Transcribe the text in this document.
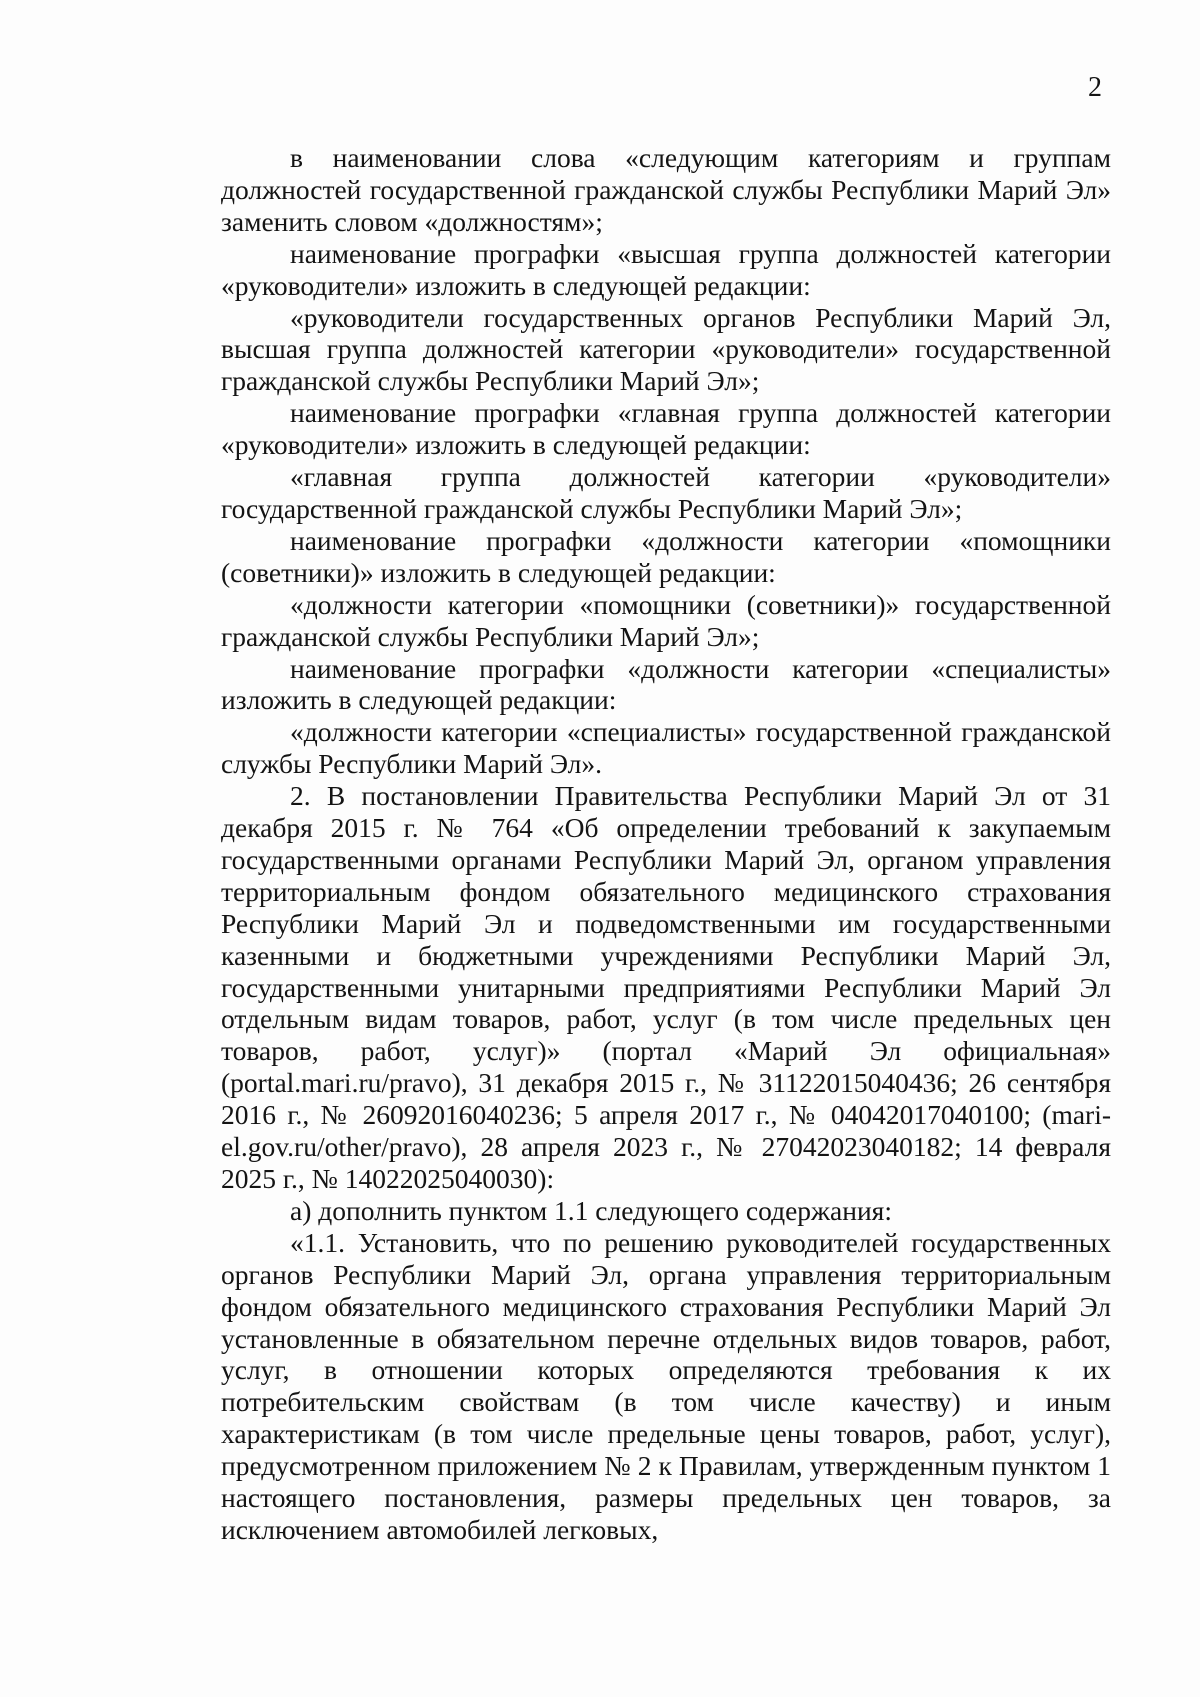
2

в наименовании слова «следующим категориям и группам должностей государственной гражданской службы Республики Марий Эл» заменить словом «должностям»;

наименование прографки «высшая группа должностей категории «руководители» изложить в следующей редакции:

«руководители государственных органов Республики Марий Эл, высшая группа должностей категории «руководители» государственной гражданской службы Республики Марий Эл»;

наименование прографки «главная группа должностей категории «руководители» изложить в следующей редакции:

«главная группа должностей категории «руководители» государственной гражданской службы Республики Марий Эл»;

наименование прографки «должности категории «помощники (советники)» изложить в следующей редакции:

«должности категории «помощники (советники)» государственной гражданской службы Республики Марий Эл»;

наименование прографки «должности категории «специалисты» изложить в следующей редакции:

«должности категории «специалисты» государственной гражданской службы Республики Марий Эл».

2. В постановлении Правительства Республики Марий Эл от 31 декабря 2015 г. № 764 «Об определении требований к закупаемым государственными органами Республики Марий Эл, органом управления территориальным фондом обязательного медицинского страхования Республики Марий Эл и подведомственными им государственными казенными и бюджетными учреждениями Республики Марий Эл, государственными унитарными предприятиями Республики Марий Эл отдельным видам товаров, работ, услуг (в том числе предельных цен товаров, работ, услуг)» (портал «Марий Эл официальная» (portal.mari.ru/pravo), 31 декабря 2015 г., № 31122015040436; 26 сентября 2016 г., № 26092016040236; 5 апреля 2017 г., № 04042017040100; (mari-el.gov.ru/other/pravo), 28 апреля 2023 г., № 27042023040182; 14 февраля 2025 г., № 14022025040030):

а) дополнить пунктом 1.1 следующего содержания:

«1.1. Установить, что по решению руководителей государственных органов Республики Марий Эл, органа управления территориальным фондом обязательного медицинского страхования Республики Марий Эл установленные в обязательном перечне отдельных видов товаров, работ, услуг, в отношении которых определяются требования к их потребительским свойствам (в том числе качеству) и иным характеристикам (в том числе предельные цены товаров, работ, услуг), предусмотренном приложением № 2 к Правилам, утвержденным пунктом 1 настоящего постановления, размеры предельных цен товаров, за исключением автомобилей легковых,
